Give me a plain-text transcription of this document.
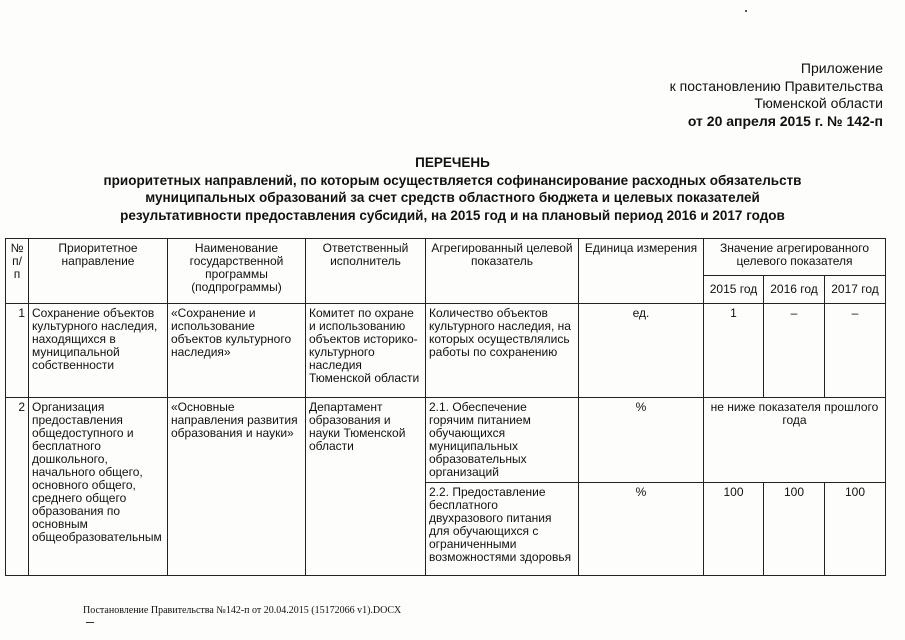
Приложение
к постановлению Правительства
Тюменской области
от 20 апреля 2015 г. № 142-п
ПЕРЕЧЕНЬ
приоритетных направлений, по которым осуществляется софинансирование расходных обязательств
муниципальных образований за счет средств областного бюджета и целевых показателей
результативности предоставления субсидий, на 2015 год и на плановый период 2016 и 2017 годов
№ п/п	Приоритетное направление	Наименование государственной программы (подпрограммы)	Ответственный исполнитель	Агрегированный целевой показатель	Единица измерения	Значение агрегированного целевого показателя		
						2015 год	2016 год	2017 год
1	Сохранение объектов культурного наследия, находящихся в муниципальной собственности	«Сохранение и использование объектов культурного наследия»	Комитет по охране и использованию объектов историко-культурного наследия Тюменской области	Количество объектов культурного наследия, на которых осуществлялись работы по сохранению	ед.	1	–	–
2	Организация предоставления общедоступного и бесплатного дошкольного, начального общего, основного общего, среднего общего образования по основным общеобразовательным	«Основные направления развития образования и науки»	Департамент образования и науки Тюменской области	2.1. Обеспечение горячим питанием обучающихся муниципальных образовательных организаций	%	не ниже показателя прошлого года		
				2.2. Предоставление бесплатного двухразового питания для обучающихся с ограниченными возможностями здоровья	%	100	100	100
Постановление Правительства №142-п от 20.04.2015 (15172066 v1).DOCX
